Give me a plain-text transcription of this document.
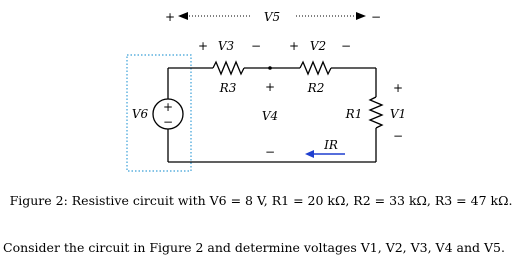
+	−
V5
+ V3 − + V2 −
R3	R2
+
V4
−
V6 +
−
R1
+
V1
−
IR
Figure 2: Resistive circuit with V6 = 8 V, R1 = 20 kΩ, R2 = 33 kΩ, R3 = 47 kΩ.
Consider the circuit in Figure 2 and determine voltages V1, V2, V3, V4 and V5.
